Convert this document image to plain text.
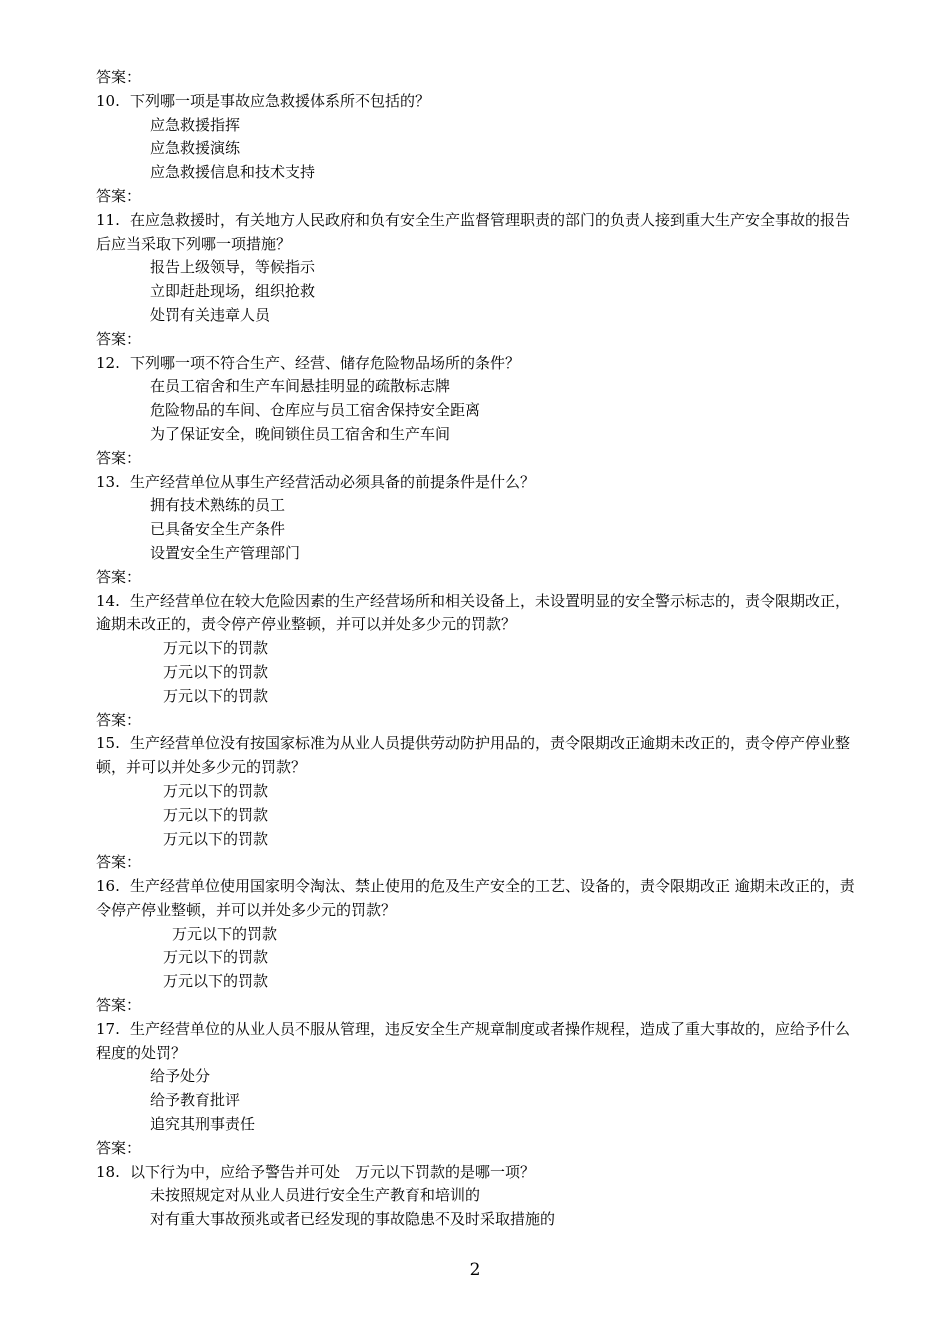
答案：
10. 下列哪一项是事故应急救援体系所不包括的？
应急救援指挥
应急救援演练
应急救援信息和技术支持
答案：
11. 在应急救援时，有关地方人民政府和负有安全生产监督管理职责的部门的负责人接到重大生产安全事故的报告后应当采取下列哪一项措施？
报告上级领导，等候指示
立即赶赴现场，组织抢救
处罚有关违章人员
答案：
12. 下列哪一项不符合生产、经营、储存危险物品场所的条件？
在员工宿舍和生产车间悬挂明显的疏散标志牌
危险物品的车间、仓库应与员工宿舍保持安全距离
为了保证安全，晚间锁住员工宿舍和生产车间
答案：
13. 生产经营单位从事生产经营活动必须具备的前提条件是什么？
拥有技术熟练的员工
已具备安全生产条件
设置安全生产管理部门
答案：
14. 生产经营单位在较大危险因素的生产经营场所和相关设备上，未设置明显的安全警示标志的，责令限期改正，逾期未改正的，责令停产停业整顿，并可以并处多少元的罚款？
万元以下的罚款
万元以下的罚款
万元以下的罚款
答案：
15. 生产经营单位没有按国家标准为从业人员提供劳动防护用品的，责令限期改正逾期未改正的，责令停产停业整顿，并可以并处多少元的罚款？
万元以下的罚款
万元以下的罚款
万元以下的罚款
答案：
16. 生产经营单位使用国家明令淘汰、禁止使用的危及生产安全的工艺、设备的，责令限期改正 逾期未改正的，责令停产停业整顿，并可以并处多少元的罚款？
万元以下的罚款
万元以下的罚款
万元以下的罚款
答案：
17. 生产经营单位的从业人员不服从管理，违反安全生产规章制度或者操作规程，造成了重大事故的，应给予什么程度的处罚？
给予处分
给予教育批评
追究其刑事责任
答案：
18. 以下行为中，应给予警告并可处　万元以下罚款的是哪一项？
未按照规定对从业人员进行安全生产教育和培训的
对有重大事故预兆或者已经发现的事故隐患不及时采取措施的
2
